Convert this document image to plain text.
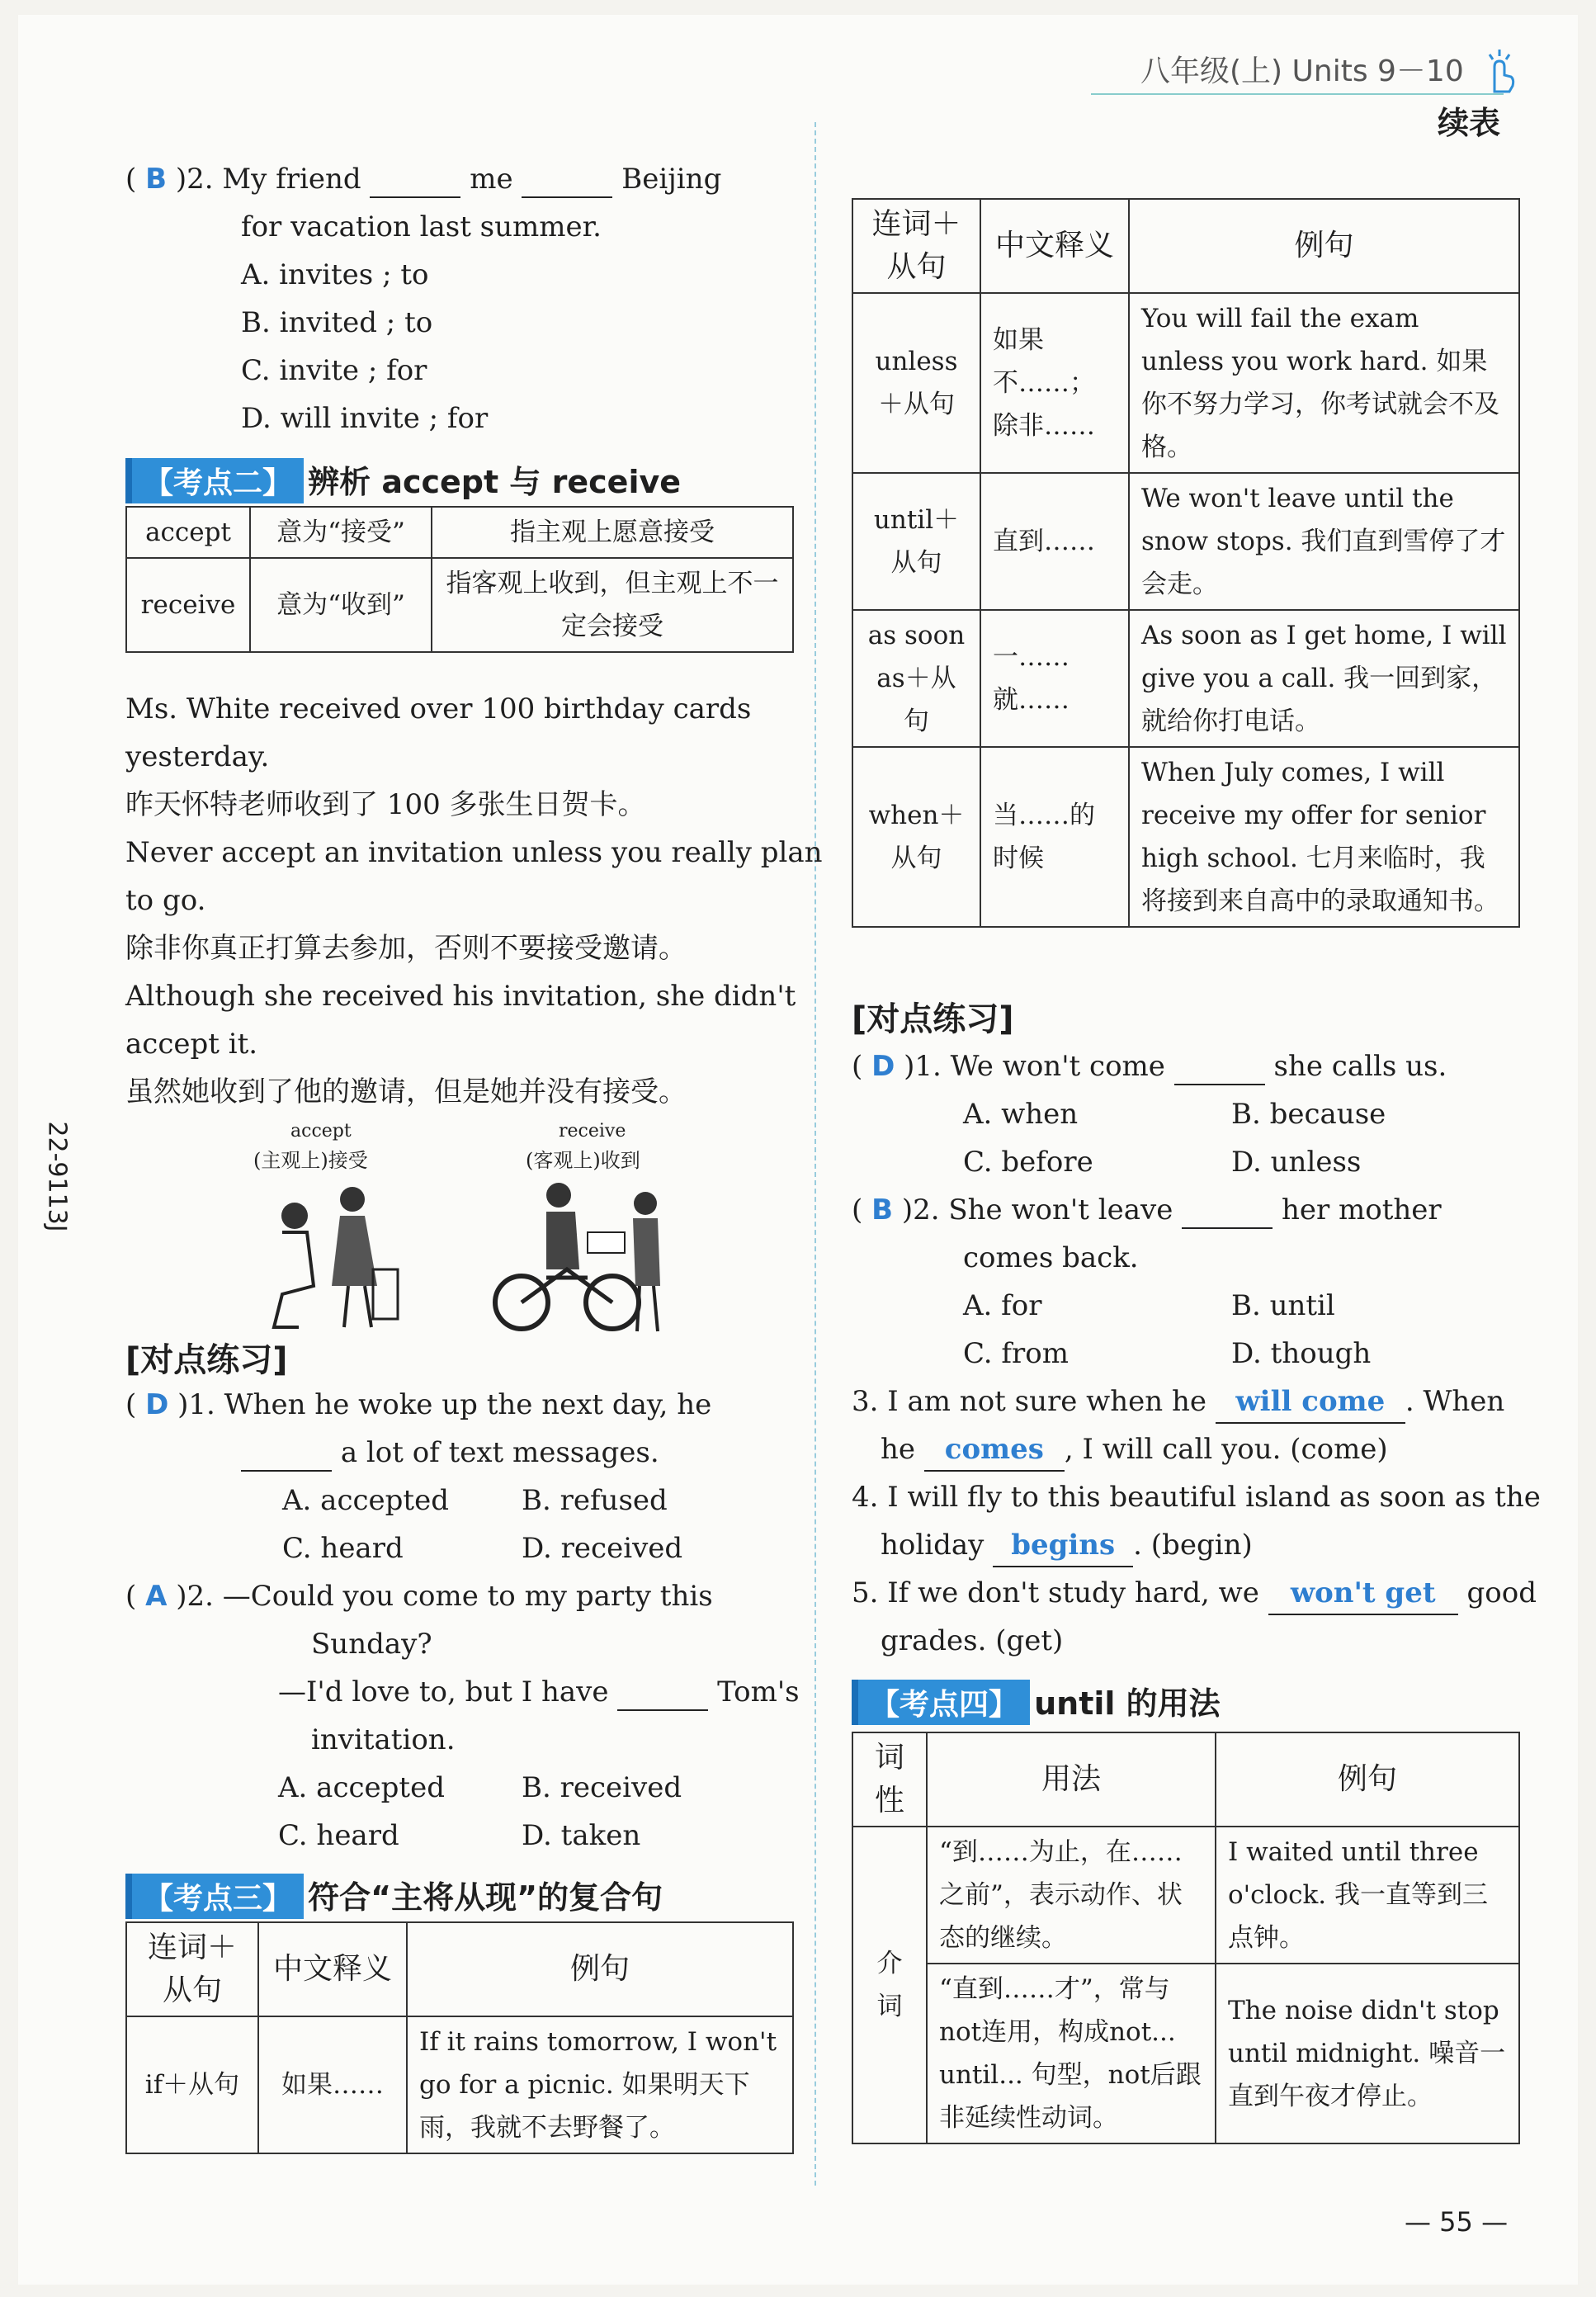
八年级(上) Units 9－10
续表
22-9113J
( B )2. My friend	me	Beijing
for vacation last summer.
A. invites ; to
B. invited ; to
C. invite ; for
D. will invite ; for
【考点二】 辨析 accept 与 receive
accept	意为“接受”	指主观上愿意接受
receive	意为“收到”	指客观上收到，但主观上不一定会接受
Ms. White received over 100 birthday cards
yesterday.
昨天怀特老师收到了 100 多张生日贺卡。
Never accept an invitation unless you really plan
to go.
除非你真正打算去参加，否则不要接受邀请。
Although she received his invitation, she didn't
accept it.
虽然她收到了他的邀请，但是她并没有接受。
accept
(主观上)接受
receive
(客观上)收到
[对点练习]
( D )1. When he woke up the next day, he
a lot of text messages.
A. accepted	B. refused
C. heard	D. received
( A )2. —Could you come to my party this
Sunday?
—I'd love to, but I have	Tom's
invitation.
A. accepted	B. received
C. heard	D. taken
【考点三】 符合“主将从现”的复合句
连词＋从句	中文释义	例句
if＋从句	如果……	If it rains tomorrow, I won't go for a picnic. 如果明天下雨，我就不去野餐了。
连词＋从句	中文释义	例句
unless＋从句	如果不……；除非……	You will fail the exam unless you work hard. 如果你不努力学习，你考试就会不及格。
until＋从句	直到……	We won't leave until the snow stops. 我们直到雪停了才会走。
as soon as＋从句	一……就……	As soon as I get home, I will give you a call. 我一回到家，就给你打电话。
when＋从句	当……的时候	When July comes, I will receive my offer for senior high school. 七月来临时，我将接到来自高中的录取通知书。
[对点练习]
( D )1. We won't come	she calls us.
A. when	B. because
C. before	D. unless
( B )2. She won't leave	her mother
comes back.
A. for	B. until
C. from	D. though
3. I am not sure when he will come . When
he comes , I will call you. (come)
4. I will fly to this beautiful island as soon as the
holiday begins . (begin)
5. If we don't study hard, we won't get good
grades. (get)
【考点四】 until 的用法
词性	用法	例句
介词	“到……为止，在……之前”，表示动作、状态的继续。	I waited until three o'clock. 我一直等到三点钟。
	“直到……才”，常与not连用，构成not... until... 句型，not后跟非延续性动词。	The noise didn't stop until midnight. 噪音一直到午夜才停止。
— 55 —
